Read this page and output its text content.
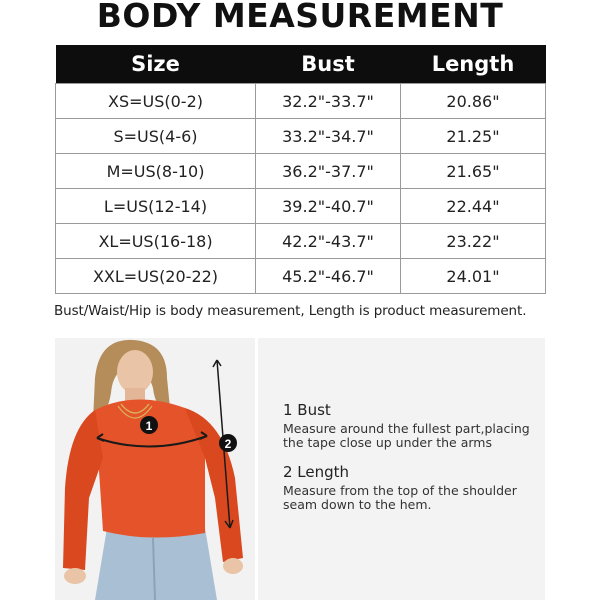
BODY MEASUREMENT
Size	Bust	Length
XS=US(0-2)	32.2"-33.7"	20.86"
S=US(4-6)	33.2"-34.7"	21.25"
M=US(8-10)	36.2"-37.7"	21.65"
L=US(12-14)	39.2"-40.7"	22.44"
XL=US(16-18)	42.2"-43.7"	23.22"
XXL=US(20-22)	45.2"-46.7"	24.01"
Bust/Waist/Hip is body measurement, Length is product measurement.
1
2
1 Bust
Measure around the fullest part,placing
the tape close up under the arms
2 Length
Measure from the top of the shoulder
seam down to the hem.
